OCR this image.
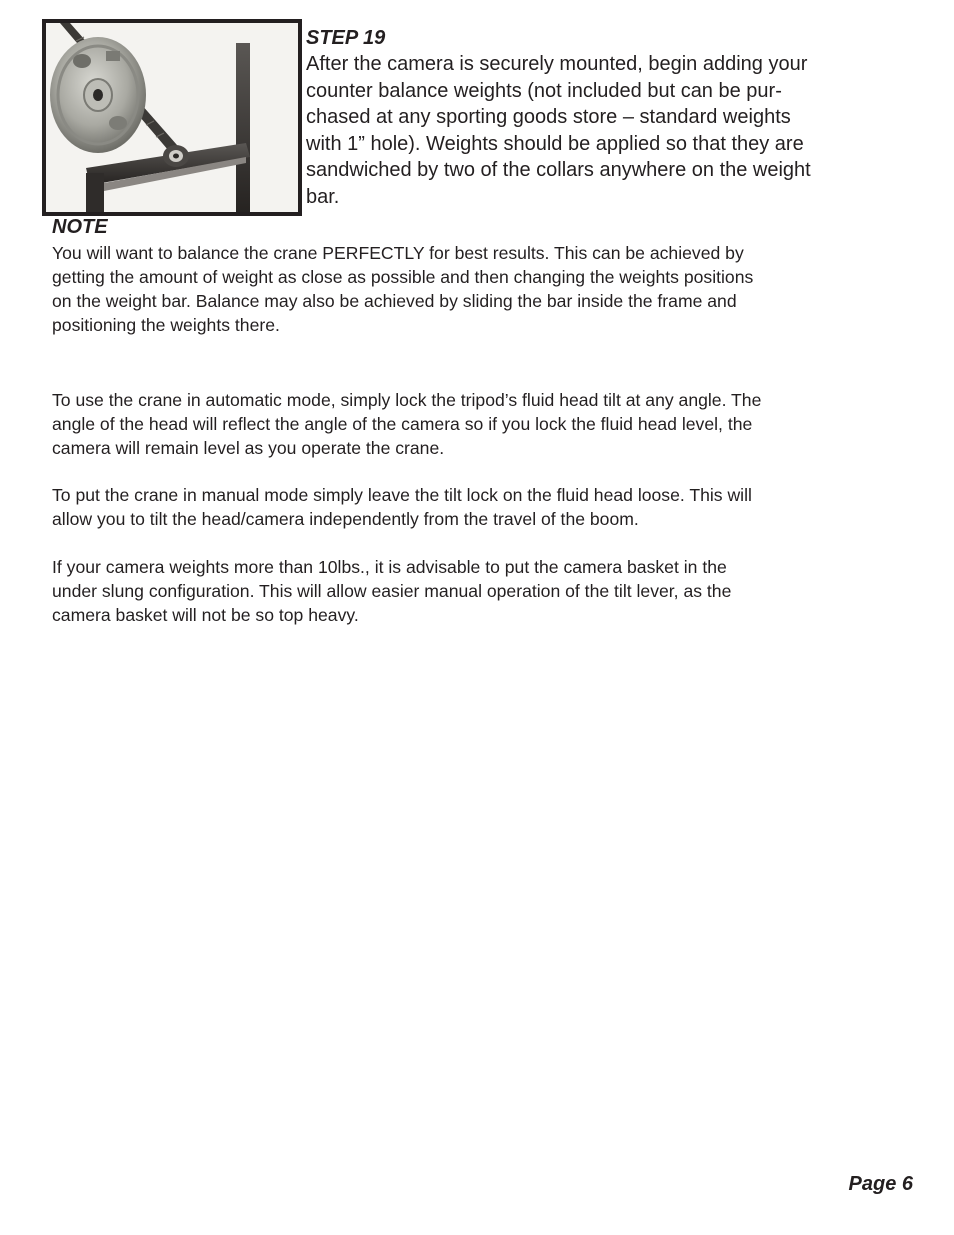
STEP 19

After the camera is securely mounted, begin adding your
counter balance weights (not included but can be pur-
chased at any sporting goods store – standard weights
with 1” hole). Weights should be applied so that they are
sandwiched by two of the collars anywhere on the weight
bar.

NOTE

You will want to balance the crane PERFECTLY for best results. This can be achieved by
getting the amount of weight as close as possible and then changing the weights positions
on the weight bar. Balance may also be achieved by sliding the bar inside the frame and
positioning the weights there.

To use the crane in automatic mode, simply lock the tripod’s fluid head tilt at any angle. The
angle of the head will reflect the angle of the camera so if you lock the fluid head level, the
camera will remain level as you operate the crane.

To put the crane in manual mode simply leave the tilt lock on the fluid head loose. This will
allow you to tilt the head/camera independently from the travel of the boom.

If your camera weights more than 10lbs., it is advisable to put the camera basket in the
under slung configuration. This will allow easier manual operation of the tilt lever, as the
camera basket will not be so top heavy.

Page 6
